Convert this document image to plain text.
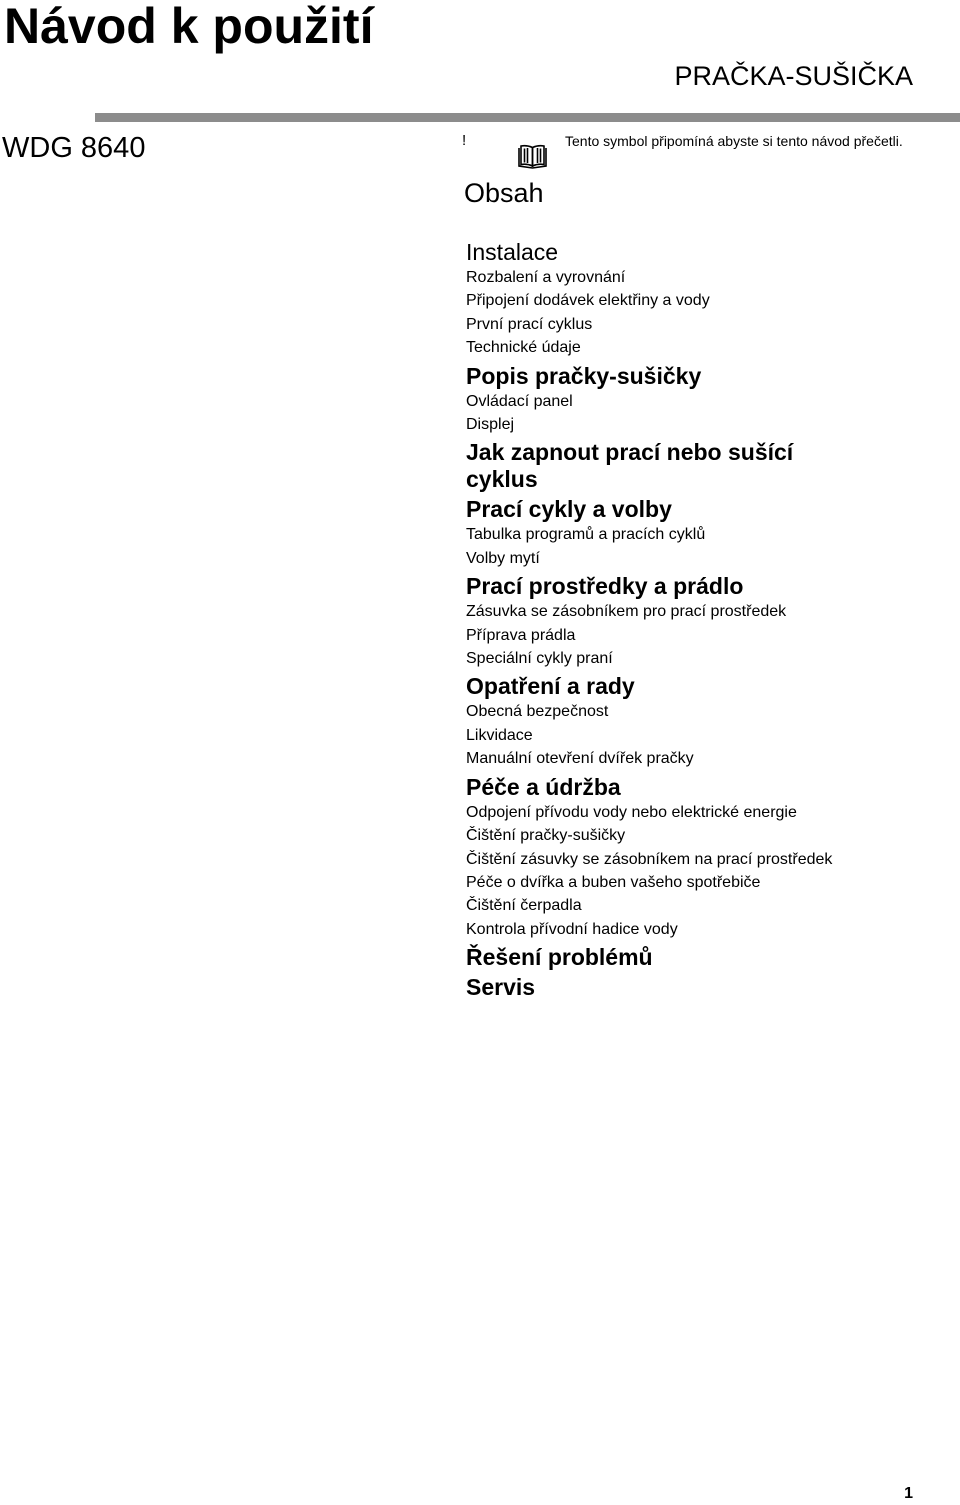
Návod k použití
PRAČKA-SUŠIČKA
WDG 8640	!	Tento symbol připomíná abyste si tento návod přečetli.
Obsah
Instalace
Rozbalení a vyrovnání
Připojení dodávek elektřiny a vody
První prací cyklus
Technické údaje
Popis pračky-sušičky
Ovládací panel
Displej
Jak zapnout prací nebo sušící cyklus
Prací cykly a volby
Tabulka programů a pracích cyklů
Volby mytí
Prací prostředky a prádlo
Zásuvka se zásobníkem pro prací prostředek
Příprava prádla
Speciální cykly praní
Opatření a rady
Obecná bezpečnost
Likvidace
Manuální otevření dvířek pračky
Péče a údržba
Odpojení přívodu vody nebo elektrické energie
Čištění pračky-sušičky
Čištění zásuvky se zásobníkem na prací prostředek
Péče o dvířka a buben vašeho spotřebiče
Čištění čerpadla
Kontrola přívodní hadice vody
Řešení problémů
Servis
1
